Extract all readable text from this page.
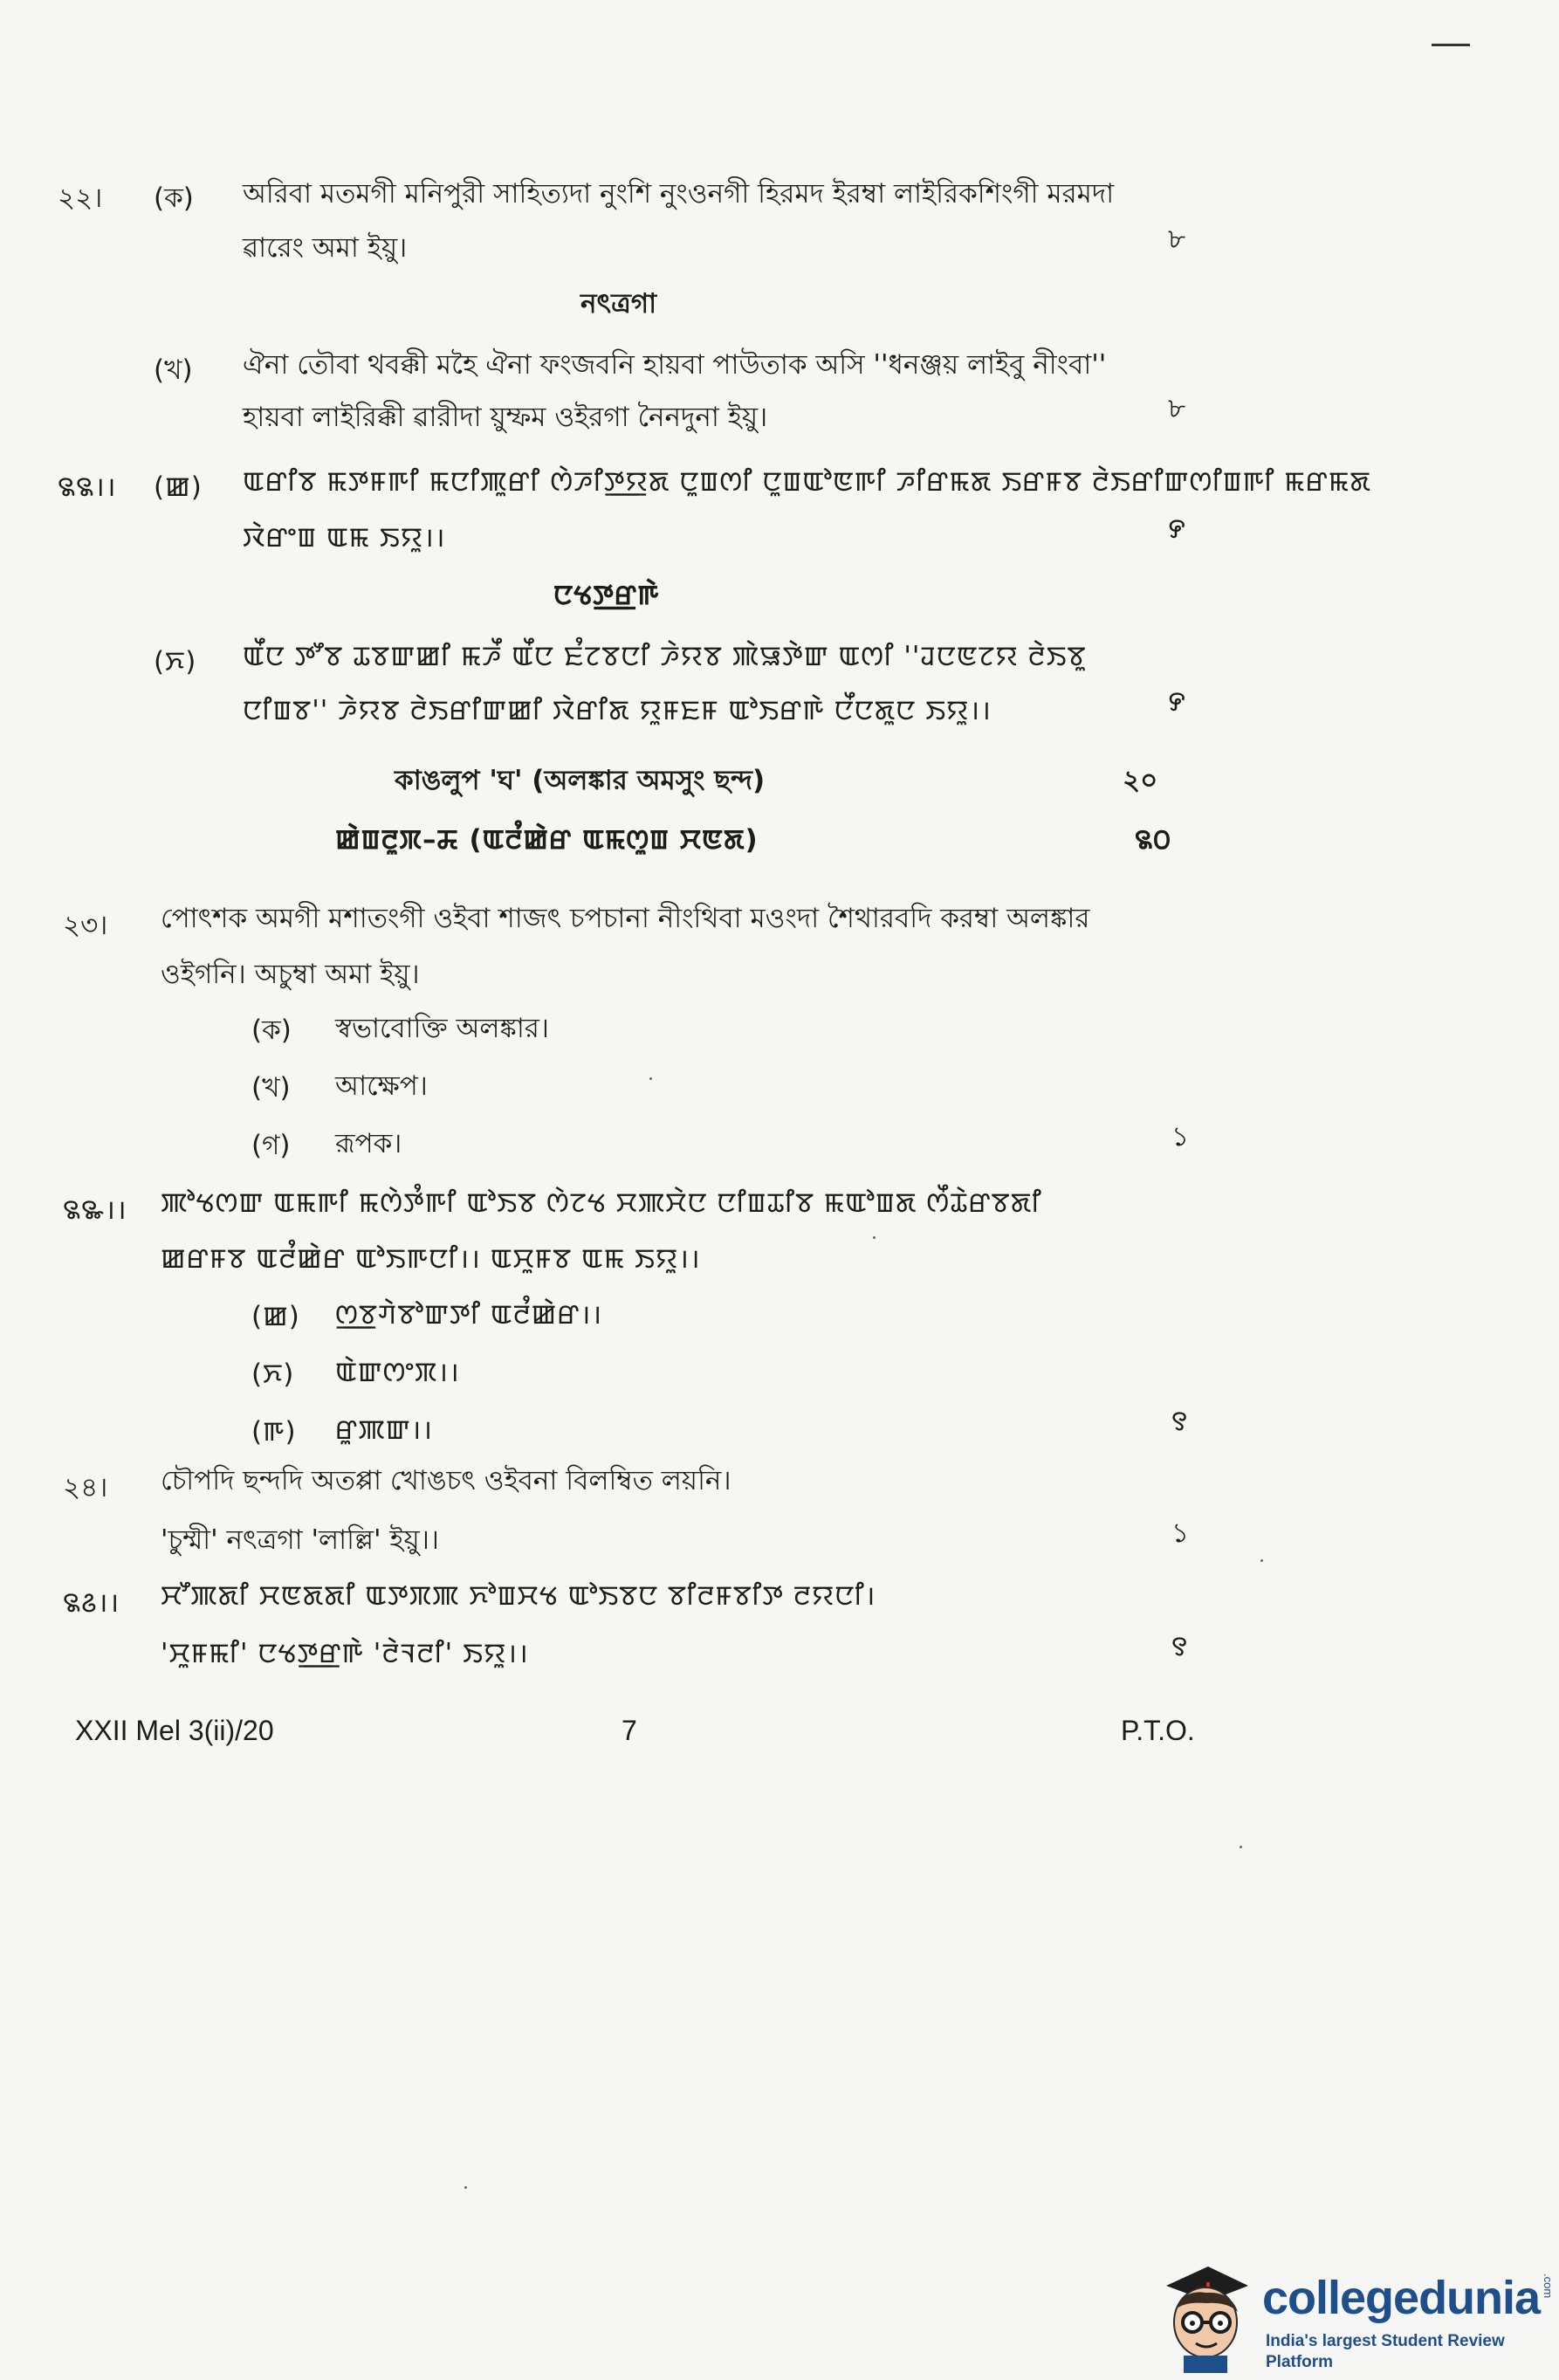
২২। (ক) অরিবা মতমগী মনিপুরী সাহিত্যদা নুংশি নুংওনগী হিরমদ ইরম্বা লাইরিকশিংগী মরমদা
ৱারেং অমা ইয়ু।	৮
নৎত্রগা
(খ) ঐনা তৌবা থবক্কী মহৈ ঐনা ফংজবনি হায়বা পাউতাক অসি ''ধনঞ্জয় লাইবু নীংবা''
হায়বা লাইরিক্কী ৱারীদা য়ুম্ফম ওইরগা নৈনদুনা ইয়ু।	৮
꯲꯲।। (ꯀ) ꯑꯔꯤꯕ ꯃꯇꯝꯒꯤ ꯃꯅꯤꯄꯨꯔꯤ ꯁꯥꯍꯤꯇ꯭ꯌꯗ ꯅꯨꯡꯁꯤ ꯅꯨꯡꯑꯣꯟꯒꯤ ꯍꯤꯔꯃꯗ ꯏꯔꯝꯕ ꯂꯥꯏꯔꯤꯛꯁꯤꯡꯒꯤ ꯃꯔꯃꯗ
ꯋꯥꯔꯦꯡ ꯑꯃ ꯏꯌꯨ।।	꯸
ꯅꯠꯇ꯭ꯔꯒꯥ
(ꯈ) ꯑꯩꯅ ꯇꯧꯕ ꯊꯕꯛꯀꯤ ꯃꯍꯩ ꯑꯩꯅ ꯐꯪꯖꯕꯅꯤ ꯍꯥꯌꯕ ꯄꯥꯎꯇꯥꯛ ꯑꯁꯤ ''ꯙꯅꯟꯖꯌ ꯂꯥꯏꯕꯨ
ꯅꯤꯡꯕ'' ꯍꯥꯌꯕ ꯂꯥꯏꯔꯤꯛꯀꯤ ꯋꯥꯔꯤꯗ ꯌꯨꯝꯐꯝ ꯑꯣꯏꯔꯒꯥ ꯅꯩꯅꯗꯨꯅ ꯏꯌꯨ।।	꯸
কাঙলুপ 'ঘ' (অলঙ্কার অমসুং ছন্দ)	২০
ꯀꯥꯡꯂꯨꯞ–ꯘ (ꯑꯂꯪꯀꯥꯔ ꯑꯃꯁꯨꯡ ꯆꯟꯗ)	꯲꯰
২৩। পোৎশক অমগী মশাতংগী ওইবা শাজৎ চপচানা নীংথিবা মওংদা শৈথারবদি করম্বা অলঙ্কার
ওইগনি। অচুম্বা অমা ইয়ু।
(ক) স্বভাবোক্তি অলঙ্কার।
(খ) আক্ষেপ।
(গ) রূপক।	১
꯲꯳।। ꯄꯣꯠꯁꯛ ꯑꯃꯒꯤ ꯃꯁꯥꯇꯪꯒꯤ ꯑꯣꯏꯕ ꯁꯥꯖꯠ ꯆꯄꯆꯥꯅ ꯅꯤꯡꯊꯤꯕ ꯃꯑꯣꯡꯗ ꯁꯩꯊꯥꯔꯕꯗꯤ
ꯀꯔꯝꯕ ꯑꯂꯪꯀꯥꯔ ꯑꯣꯏꯒꯅꯤ।। ꯑꯆꯨꯝꯕ ꯑꯃ ꯏꯌꯨ।।
(ꯀ) ꯁ꯭ꯕꯚꯥꯕꯣꯛꯇꯤ ꯑꯂꯪꯀꯥꯔ।।
(ꯈ) ꯑꯥꯛꯁꯦꯞ।।
(ꯒ) ꯔꯨꯄꯛ।।	꯱
২৪। চৌপদি ছন্দদি অতপ্পা খোঙচৎ ওইবনা বিলম্বিত লয়নি।
'চুম্মী' নৎত্রগা 'লাল্লি' ইয়ু।।	১
꯲꯴।। ꯆꯧꯄꯗꯤ ꯆꯟꯗꯗꯤ ꯑꯇꯞꯄ ꯈꯣꯡꯆꯠ ꯑꯣꯏꯕꯅ ꯕꯤꯂꯝꯕꯤꯇ ꯂꯌꯅꯤ।
'ꯆꯨꯝꯃꯤ' ꯅꯠꯇ꯭ꯔꯒꯥ 'ꯂꯥꯜꯂꯤ' ꯏꯌꯨ।।	꯱
XXII Mel 3(ii)/20	7	P.T.O.
collegedunia .com
India's largest Student Review Platform
